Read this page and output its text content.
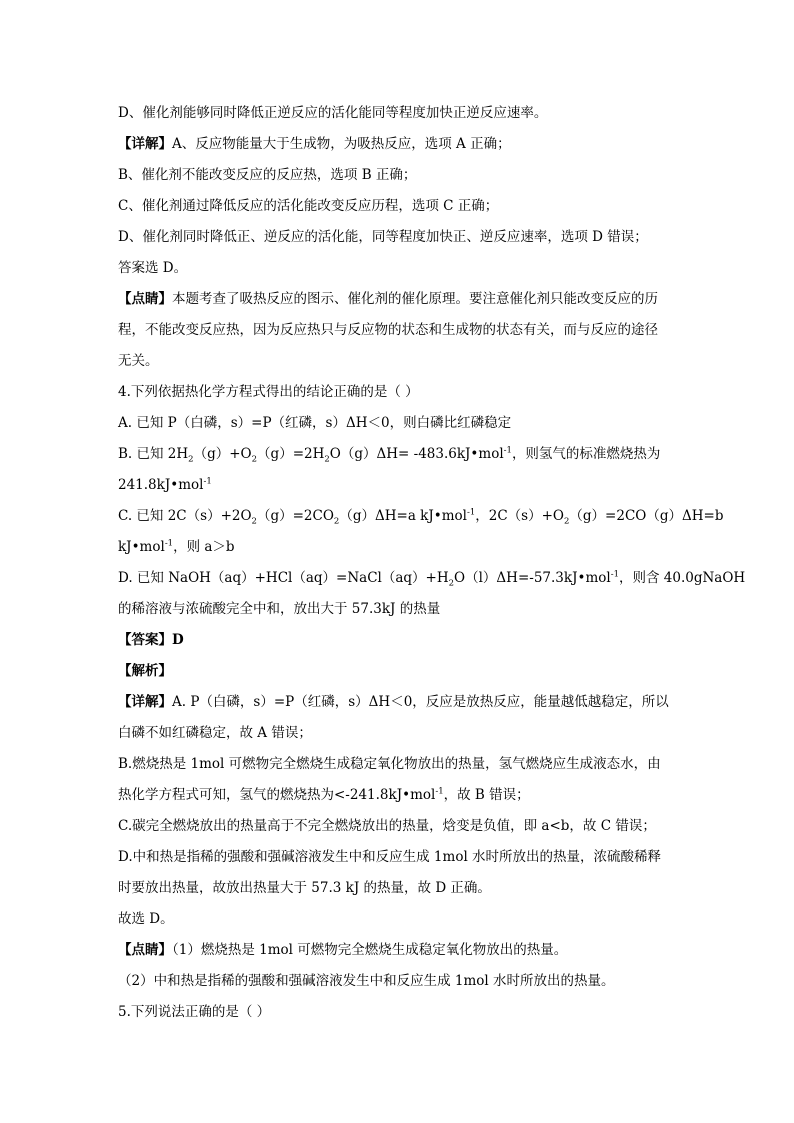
D、催化剂能够同时降低正逆反应的活化能同等程度加快正逆反应速率。
【详解】A、反应物能量大于生成物，为吸热反应，选项 A 正确；
B、催化剂不能改变反应的反应热，选项 B 正确；
C、催化剂通过降低反应的活化能改变反应历程，选项 C 正确；
D、催化剂同时降低正、逆反应的活化能，同等程度加快正、逆反应速率，选项 D 错误；
答案选 D。
【点睛】本题考查了吸热反应的图示、催化剂的催化原理。要注意催化剂只能改变反应的历
程，不能改变反应热，因为反应热只与反应物的状态和生成物的状态有关，而与反应的途径
无关。
4.下列依据热化学方程式得出的结论正确的是（ ）
A. 已知 P（白磷，s）=P（红磷，s）ΔH＜0，则白磷比红磷稳定
B. 已知 $2H_2(g)+O_2(g)=2H_2O(g)\Delta H=$ -483.6kJ•mol$^{-1}$，则氢气的标准燃烧热为
241.8kJ•mol$^{-1}$
C. 已知 $2C(s)+2O_2(g)=2CO_2(g)\Delta H=a$ kJ•mol$^{-1}$，$2C(s)+O_2(g)=2CO(g)\Delta H=b$
kJ•mol$^{-1}$，则 a＞b
D. 已知 $NaOH(aq)+HCl(aq)=NaCl(aq)+H_2O(l)\Delta H=-57.3kJ•mol^{-1}$，则含 40.0gNaOH
的稀溶液与浓硫酸完全中和，放出大于 57.3kJ 的热量
【答案】D
【解析】
【详解】A. P（白磷，s）=P（红磷，s）ΔH＜0，反应是放热反应，能量越低越稳定，所以
白磷不如红磷稳定，故 A 错误；
B.燃烧热是 1mol 可燃物完全燃烧生成稳定氧化物放出的热量，氢气燃烧应生成液态水，由
热化学方程式可知，氢气的燃烧热为<-241.8kJ•mol$^{-1}$，故 B 错误；
C.碳完全燃烧放出的热量高于不完全燃烧放出的热量，焓变是负值，即 a<b，故 C 错误；
D.中和热是指稀的强酸和强碱溶液发生中和反应生成 1mol 水时所放出的热量，浓硫酸稀释
时要放出热量，故放出热量大于 57.3 kJ 的热量，故 D 正确。
故选 D。
【点睛】（1）燃烧热是 1mol 可燃物完全燃烧生成稳定氧化物放出的热量。
（2）中和热是指稀的强酸和强碱溶液发生中和反应生成 1mol 水时所放出的热量。
5.下列说法正确的是（ ）
